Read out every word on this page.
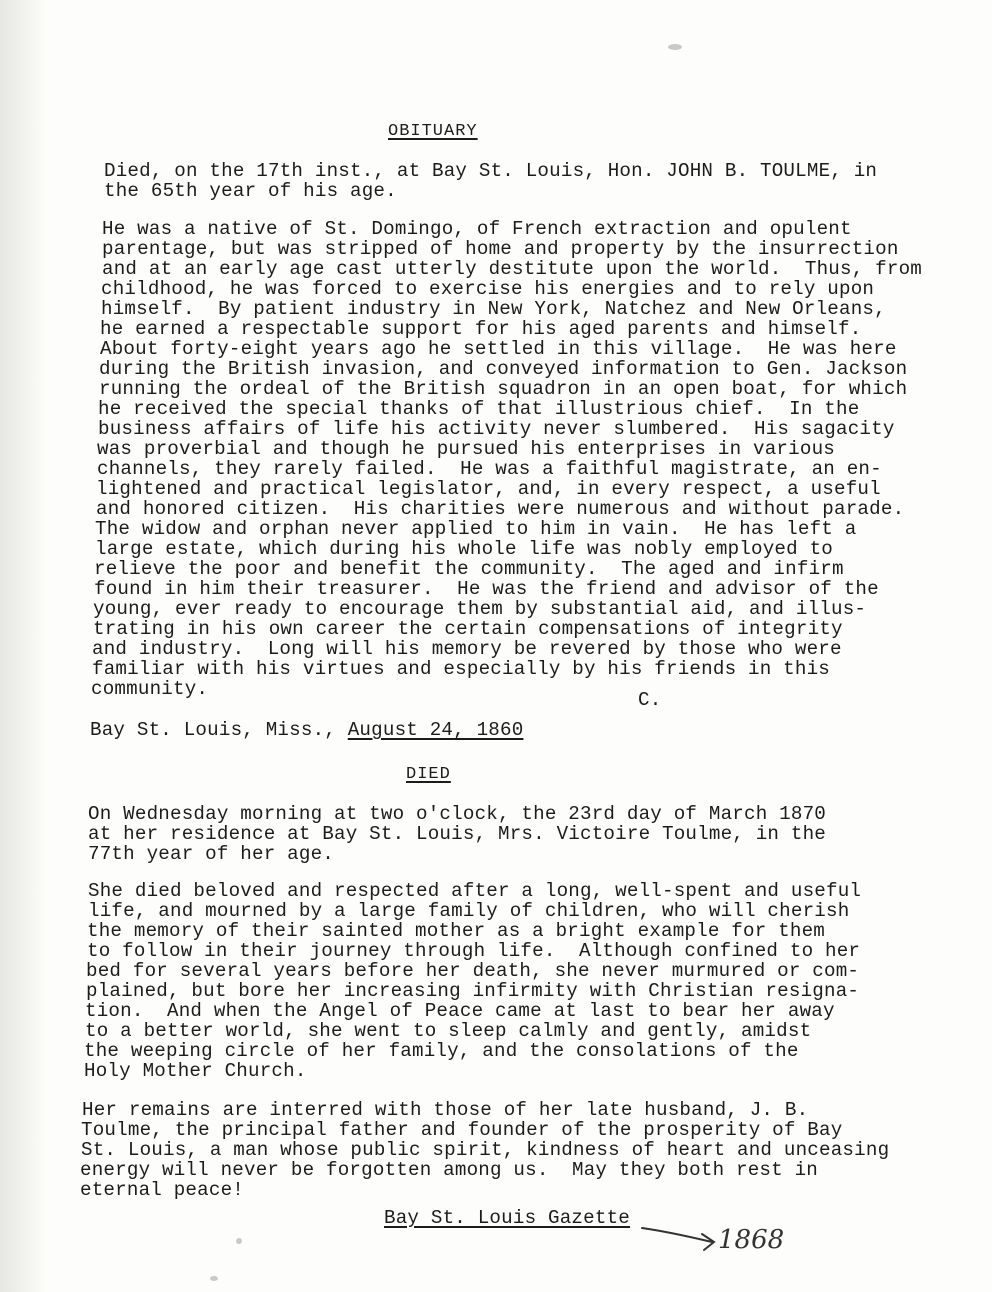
OBITUARY
Died, on the 17th inst., at Bay St. Louis, Hon. JOHN B. TOULME, in
the 65th year of his age.
He was a native of St. Domingo, of French extraction and opulent
parentage, but was stripped of home and property by the insurrection
and at an early age cast utterly destitute upon the world.  Thus, from
childhood, he was forced to exercise his energies and to rely upon
himself.  By patient industry in New York, Natchez and New Orleans,
he earned a respectable support for his aged parents and himself.
About forty-eight years ago he settled in this village.  He was here
during the British invasion, and conveyed information to Gen. Jackson
running the ordeal of the British squadron in an open boat, for which
he received the special thanks of that illustrious chief.  In the
business affairs of life his activity never slumbered.  His sagacity
was proverbial and though he pursued his enterprises in various
channels, they rarely failed.  He was a faithful magistrate, an en-
lightened and practical legislator, and, in every respect, a useful
and honored citizen.  His charities were numerous and without parade.
The widow and orphan never applied to him in vain.  He has left a
large estate, which during his whole life was nobly employed to
relieve the poor and benefit the community.  The aged and infirm
found in him their treasurer.  He was the friend and advisor of the
young, ever ready to encourage them by substantial aid, and illus-
trating in his own career the certain compensations of integrity
and industry.  Long will his memory be revered by those who were
familiar with his virtues and especially by his friends in this
community.	C.
Bay St. Louis, Miss., August 24, 1860
DIED
On Wednesday morning at two o'clock, the 23rd day of March 1870
at her residence at Bay St. Louis, Mrs. Victoire Toulme, in the
77th year of her age.
She died beloved and respected after a long, well-spent and useful
life, and mourned by a large family of children, who will cherish
the memory of their sainted mother as a bright example for them
to follow in their journey through life.  Although confined to her
bed for several years before her death, she never murmured or com-
plained, but bore her increasing infirmity with Christian resigna-
tion.  And when the Angel of Peace came at last to bear her away
to a better world, she went to sleep calmly and gently, amidst
the weeping circle of her family, and the consolations of the
Holy Mother Church.
Her remains are interred with those of her late husband, J. B.
Toulme, the principal father and founder of the prosperity of Bay
St. Louis, a man whose public spirit, kindness of heart and unceasing
energy will never be forgotten among us.  May they both rest in
eternal peace!
Bay St. Louis Gazette
1868
